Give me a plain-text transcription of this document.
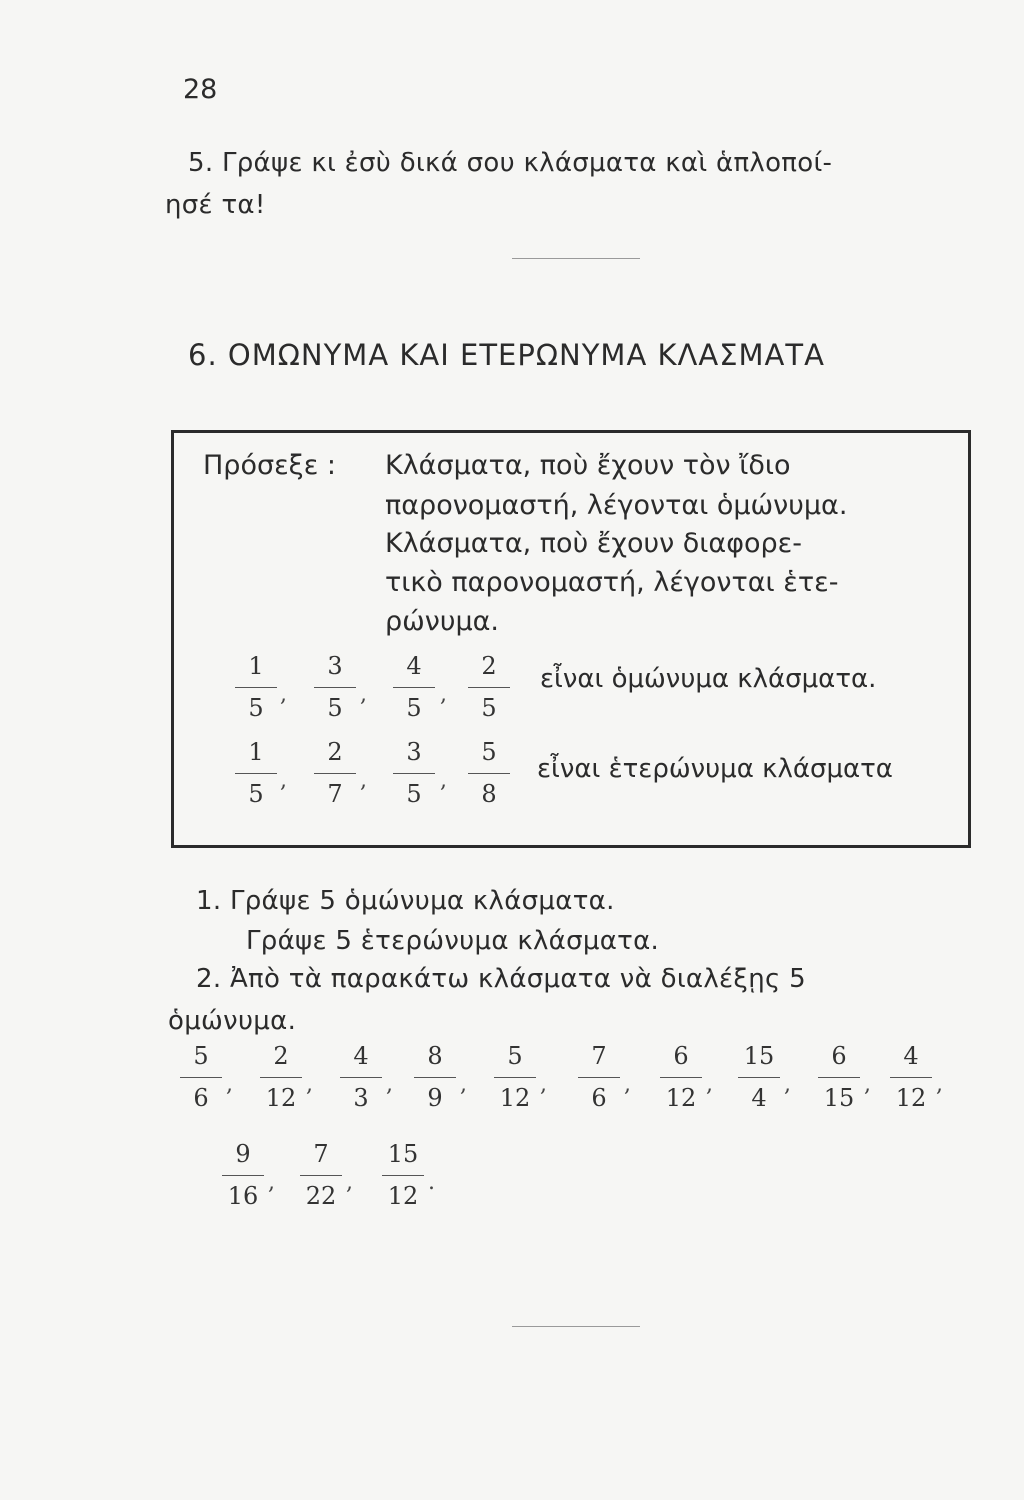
28
5. Γράψε κι ἐσὺ δικά σου κλάσματα καὶ ἁπλοποί-
ησέ τα!
6. ΟΜΩΝΥΜΑ ΚΑΙ ΕΤΕΡΩΝΥΜΑ ΚΛΑΣΜΑΤΑ
Πρόσεξε : Κλάσματα, ποὺ ἔχουν τὸν ἴδιο
παρονομαστή, λέγονται ὁμώνυμα.
Κλάσματα, ποὺ ἔχουν διαφορε-
τικὸ παρονομαστή, λέγονται ἑτε-
ρώνυμα.
1
5 ,
3
5 ,
4
5 ,
2
5
εἶναι ὁμώνυμα κλάσματα.
1
5 ,
2
7 ,
3
5 ,
5
8
εἶναι ἑτερώνυμα κλάσματα
1. Γράψε 5 ὁμώνυμα κλάσματα.
Γράψε 5 ἑτερώνυμα κλάσματα.
2. Ἀπὸ τὰ παρακάτω κλάσματα νὰ διαλέξῃς 5
ὁμώνυμα.
5
6 ,
2
12 ,
4
3 ,
8
9 ,
5
12 ,
7
6 ,
6
12 ,
15
4 ,
6
15 ,
4
12 ,
9
16 ,
7
22 ,
15
12 .
